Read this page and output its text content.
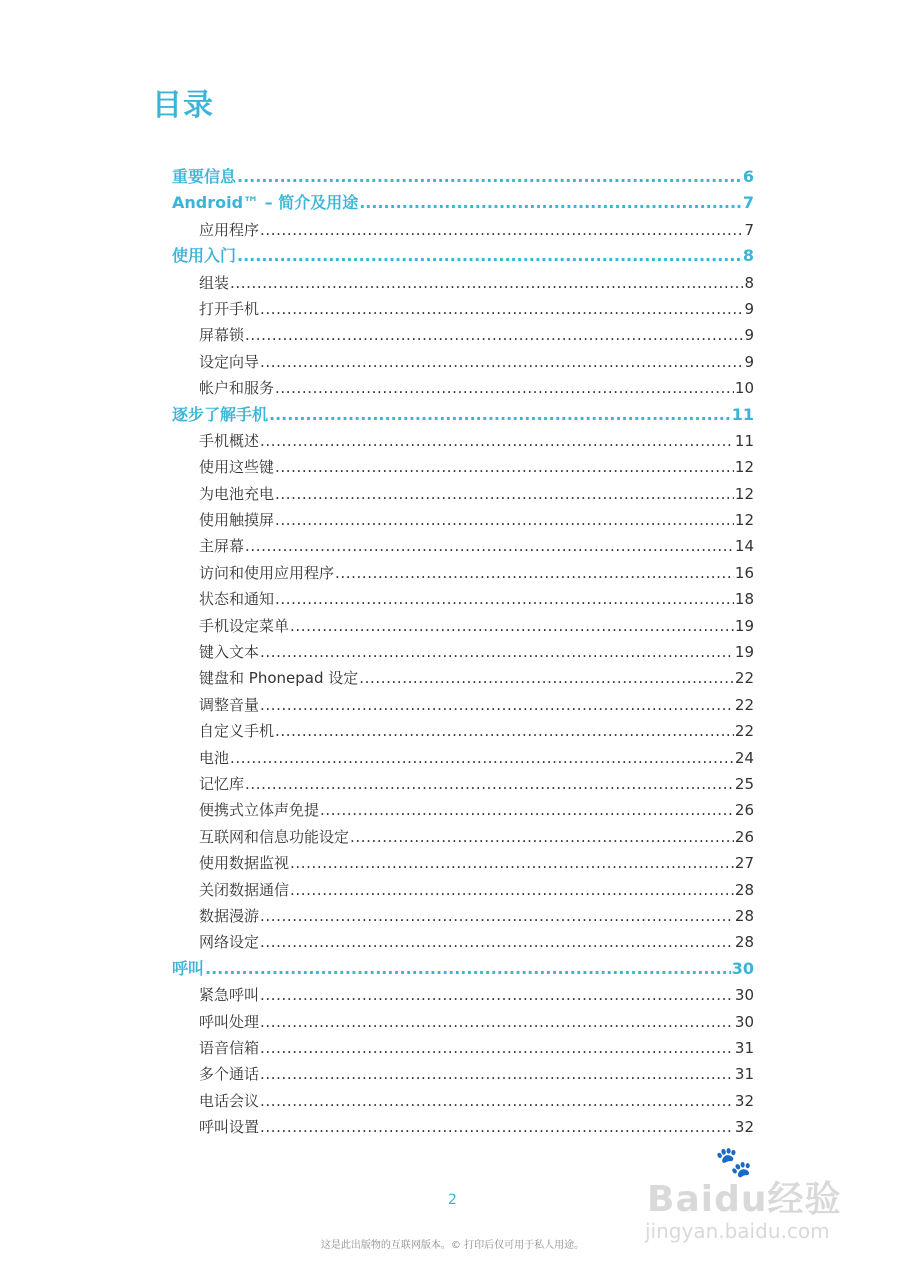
目录
重要信息 .....	6
Android™ – 简介及用途 .....	7
应用程序 .....	7
使用入门 .....	8
组装 .....	8
打开手机 .....	9
屏幕锁 .....	9
设定向导 .....	9
帐户和服务 .....	10
逐步了解手机 .....	11
手机概述 .....	11
使用这些键 .....	12
为电池充电 .....	12
使用触摸屏 .....	12
主屏幕 .....	14
访问和使用应用程序 .....	16
状态和通知 .....	18
手机设定菜单 .....	19
键入文本 .....	19
键盘和 Phonepad 设定 .....	22
调整音量 .....	22
自定义手机 .....	22
电池 .....	24
记忆库 .....	25
便携式立体声免提 .....	26
互联网和信息功能设定 .....	26
使用数据监视 .....	27
关闭数据通信 .....	28
数据漫游 .....	28
网络设定 .....	28
呼叫 .....	30
紧急呼叫 .....	30
呼叫处理 .....	30
语音信箱 .....	31
多个通话 .....	31
电话会议 .....	32
呼叫设置 .....	32
2
这是此出版物的互联网版本。© 打印后仅可用于私人用途。
🐾
Baidu经验
jingyan.baidu.com
